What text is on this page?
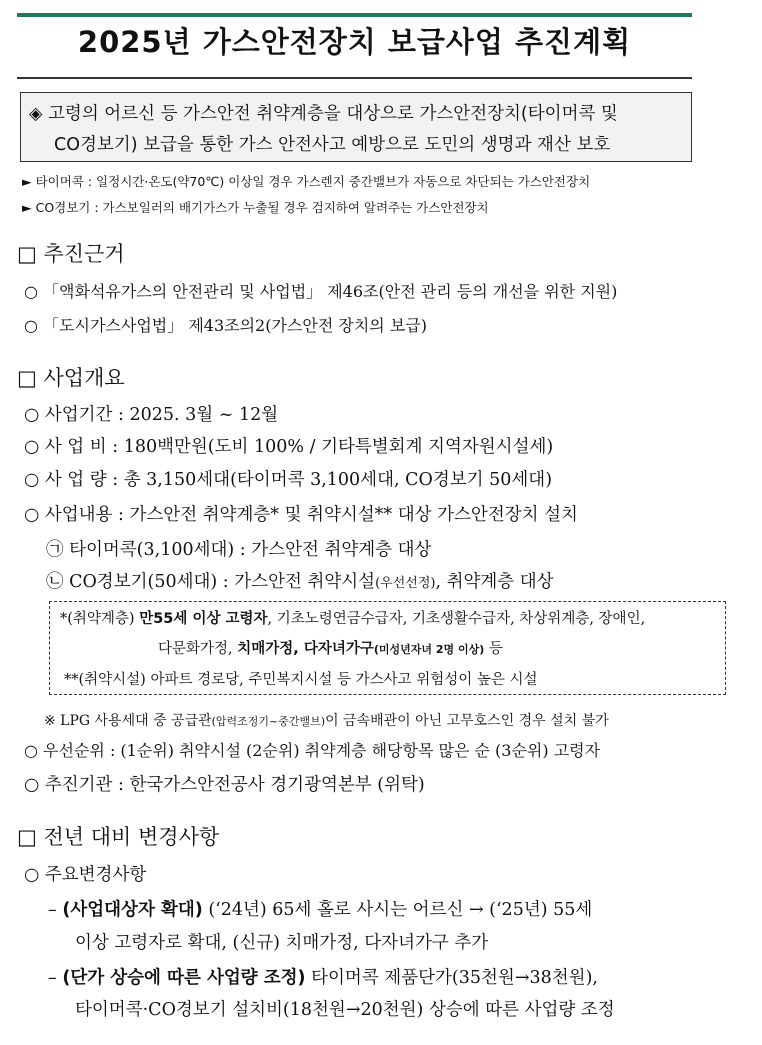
2025년 가스안전장치 보급사업 추진계획
◈ 고령의 어르신 등 가스안전 취약계층을 대상으로 가스안전장치(타이머콕 및
CO경보기) 보급을 통한 가스 안전사고 예방으로 도민의 생명과 재산 보호
► 타이머콕 : 일정시간·온도(약70℃) 이상일 경우 가스렌지 중간밸브가 자동으로 차단되는 가스안전장치
► CO경보기 : 가스보일러의 배기가스가 누출될 경우 검지하여 알려주는 가스안전장치
□ 추진근거
○ 「액화석유가스의 안전관리 및 사업법」 제46조(안전 관리 등의 개선을 위한 지원)
○ 「도시가스사업법」 제43조의2(가스안전 장치의 보급)
□ 사업개요
○ 사업기간 : 2025. 3월 ~ 12월
○ 사 업 비 : 180백만원(도비 100% / 기타특별회계 지역자원시설세)
○ 사 업 량 : 총 3,150세대(타이머콕 3,100세대, CO경보기 50세대)
○ 사업내용 : 가스안전 취약계층* 및 취약시설** 대상 가스안전장치 설치
㉠ 타이머콕(3,100세대) : 가스안전 취약계층 대상
㉡ CO경보기(50세대) : 가스안전 취약시설(우선선정), 취약계층 대상
*(취약계층) 만55세 이상 고령자, 기초노령연금수급자, 기초생활수급자, 차상위계층, 장애인,
다문화가정, 치매가정, 다자녀가구(미성년자녀 2명 이상) 등
**(취약시설) 아파트 경로당, 주민복지시설 등 가스사고 위험성이 높은 시설
※ LPG 사용세대 중 공급관(압력조정기~중간밸브)이 금속배관이 아닌 고무호스인 경우 설치 불가
○ 우선순위 : (1순위) 취약시설 (2순위) 취약계층 해당항목 많은 순 (3순위) 고령자
○ 추진기관 : 한국가스안전공사 경기광역본부 (위탁)
□ 전년 대비 변경사항
○ 주요변경사항
– (사업대상자 확대) (‘24년) 65세 홀로 사시는 어르신 → (‘25년) 55세
이상 고령자로 확대, (신규) 치매가정, 다자녀가구 추가
– (단가 상승에 따른 사업량 조정) 타이머콕 제품단가(35천원→38천원),
타이머콕·CO경보기 설치비(18천원→20천원) 상승에 따른 사업량 조정
